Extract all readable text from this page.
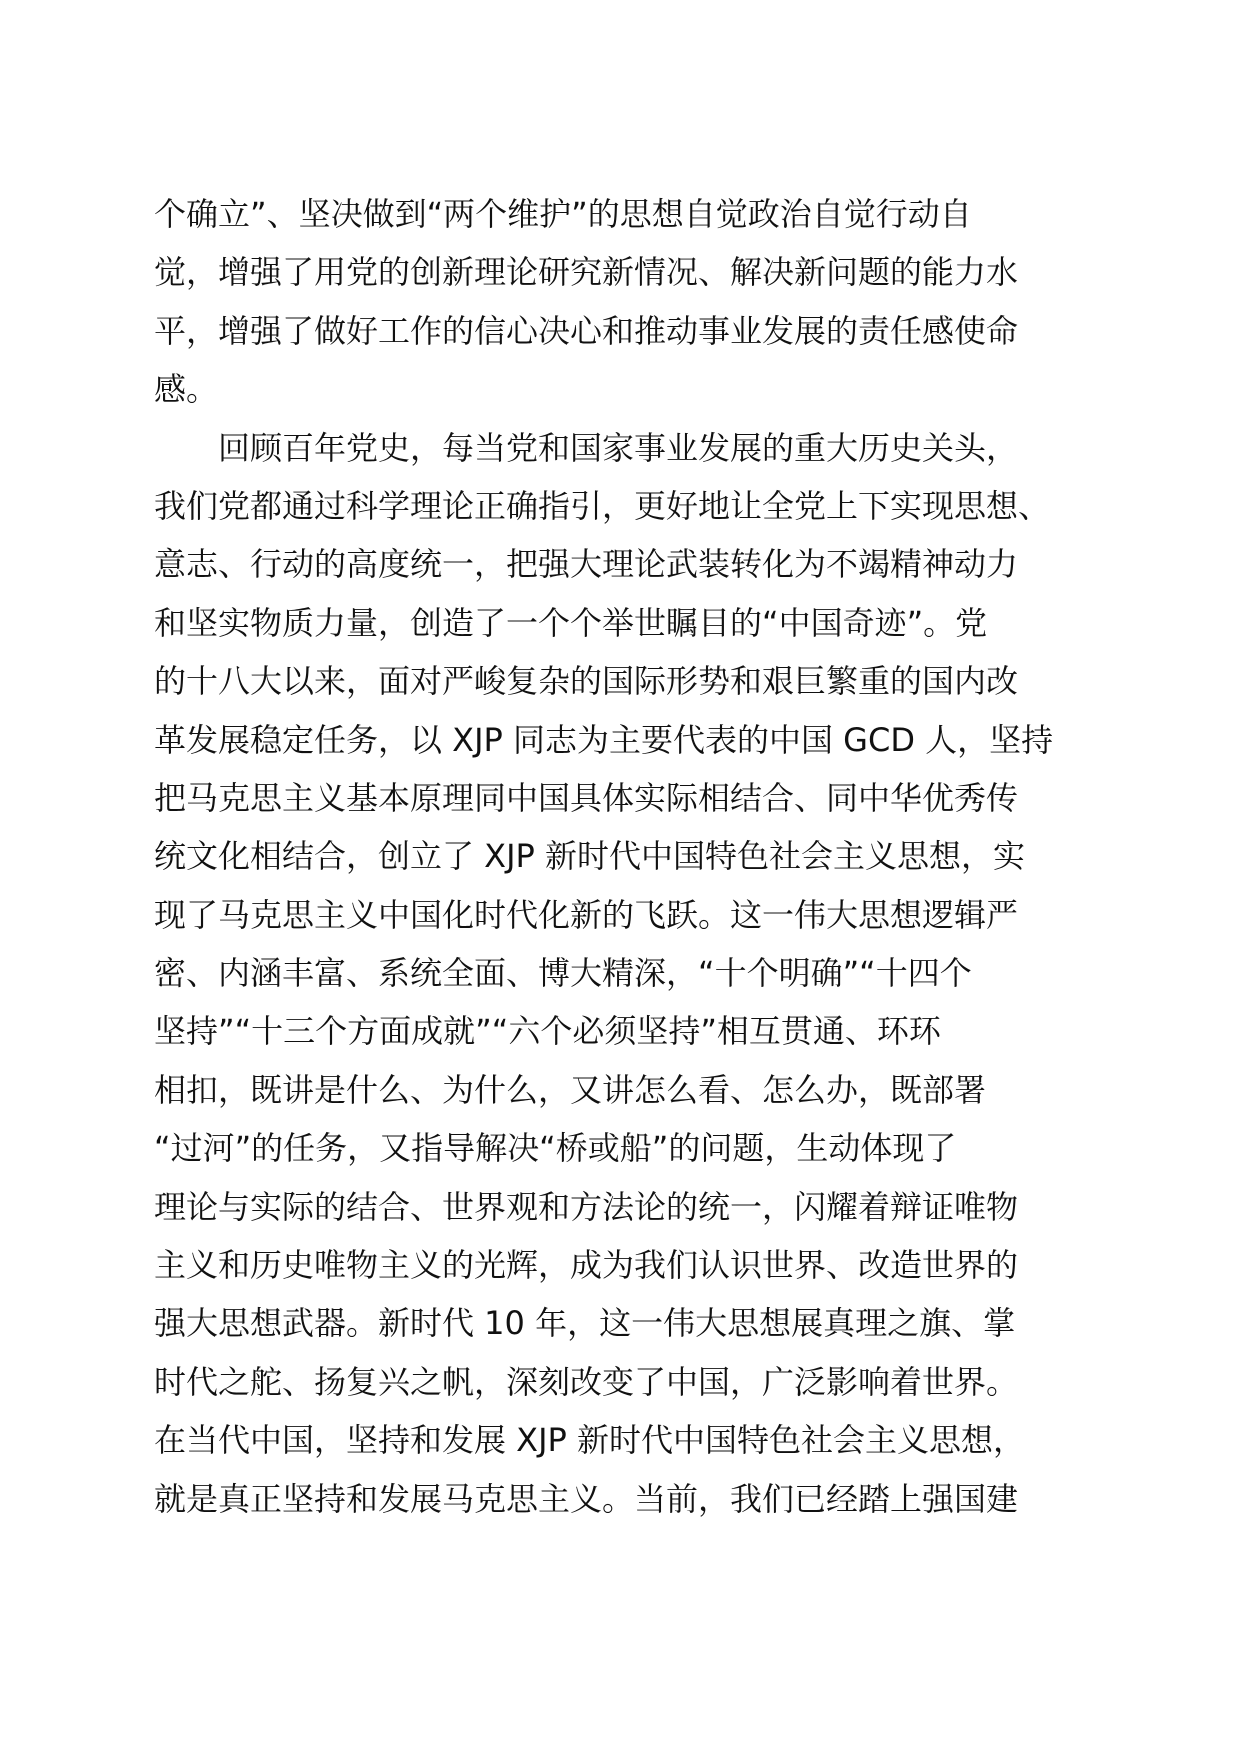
个确立”、坚决做到“两个维护”的思想自觉政治自觉行动自
觉，增强了用党的创新理论研究新情况、解决新问题的能力水
平，增强了做好工作的信心决心和推动事业发展的责任感使命
感。
回顾百年党史，每当党和国家事业发展的重大历史关头，
我们党都通过科学理论正确指引，更好地让全党上下实现思想、
意志、行动的高度统一，把强大理论武装转化为不竭精神动力
和坚实物质力量，创造了一个个举世瞩目的“中国奇迹”。党
的十八大以来，面对严峻复杂的国际形势和艰巨繁重的国内改
革发展稳定任务，以 XJP 同志为主要代表的中国 GCD 人，坚持
把马克思主义基本原理同中国具体实际相结合、同中华优秀传
统文化相结合，创立了 XJP 新时代中国特色社会主义思想，实
现了马克思主义中国化时代化新的飞跃。这一伟大思想逻辑严
密、内涵丰富、系统全面、博大精深，“十个明确”“十四个
坚持”“十三个方面成就”“六个必须坚持”相互贯通、环环
相扣，既讲是什么、为什么，又讲怎么看、怎么办，既部署
“过河”的任务，又指导解决“桥或船”的问题，生动体现了
理论与实际的结合、世界观和方法论的统一，闪耀着辩证唯物
主义和历史唯物主义的光辉，成为我们认识世界、改造世界的
强大思想武器。新时代 10 年，这一伟大思想展真理之旗、掌
时代之舵、扬复兴之帆，深刻改变了中国，广泛影响着世界。
在当代中国，坚持和发展 XJP 新时代中国特色社会主义思想，
就是真正坚持和发展马克思主义。当前，我们已经踏上强国建
